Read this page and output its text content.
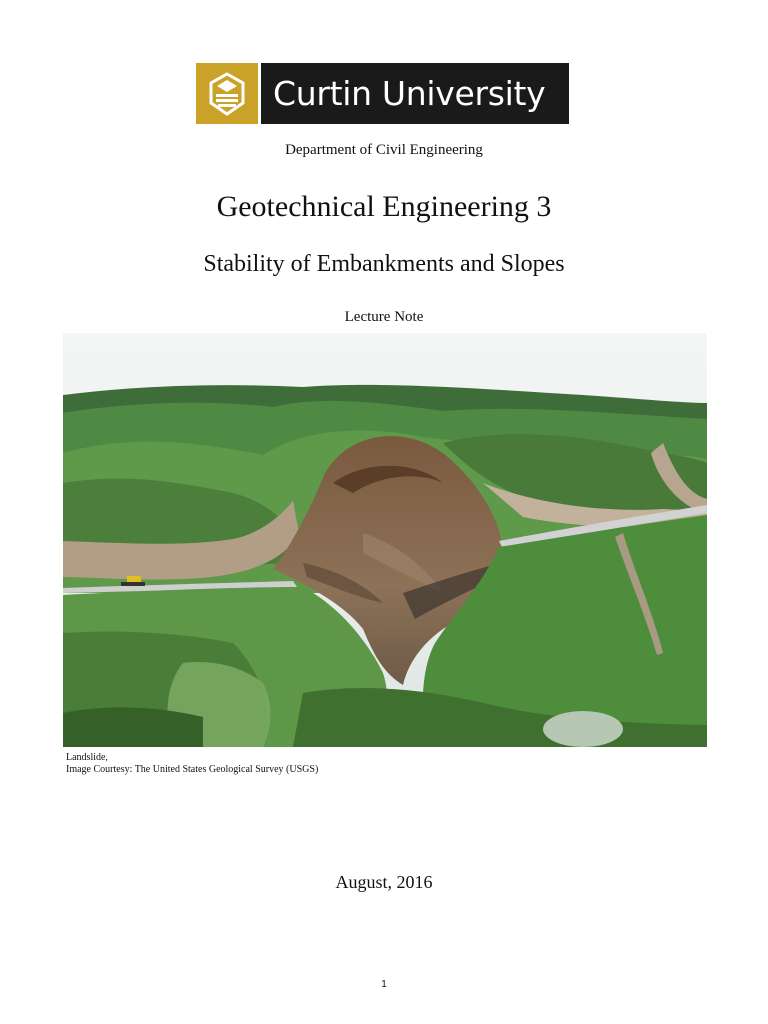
Curtin University
Department of Civil Engineering
Geotechnical Engineering 3
Stability of Embankments and Slopes
Lecture Note
Landslide,
Image Courtesy: The United States Geological Survey (USGS)
August, 2016
1
